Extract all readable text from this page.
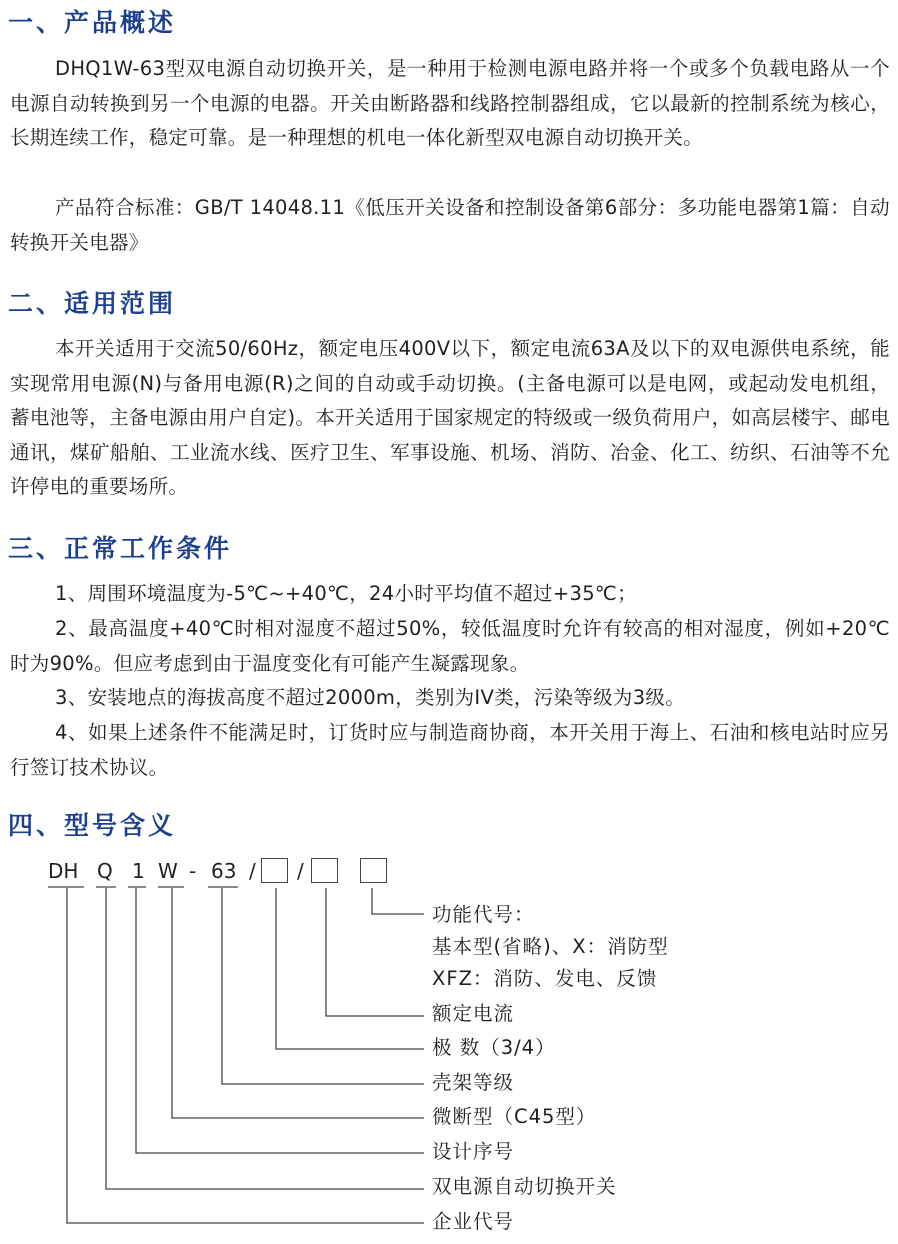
一、产品概述

DHQ1W-63型双电源自动切换开关，是一种用于检测电源电路并将一个或多个负载电路从一个电源自动转换到另一个电源的电器。开关由断路器和线路控制器组成，它以最新的控制系统为核心，长期连续工作，稳定可靠。是一种理想的机电一体化新型双电源自动切换开关。

产品符合标准：GB/T 14048.11《低压开关设备和控制设备第6部分：多功能电器第1篇：自动转换开关电器》

二、适用范围

本开关适用于交流50/60Hz，额定电压400V以下，额定电流63A及以下的双电源供电系统，能实现常用电源(N)与备用电源(R)之间的自动或手动切换。(主备电源可以是电网，或起动发电机组，蓄电池等，主备电源由用户自定)。本开关适用于国家规定的特级或一级负荷用户，如高层楼宇、邮电通讯，煤矿船舶、工业流水线、医疗卫生、军事设施、机场、消防、冶金、化工、纺织、石油等不允许停电的重要场所。

三、正常工作条件

1、周围环境温度为-5℃~+40℃，24小时平均值不超过+35℃；

2、最高温度+40℃时相对湿度不超过50%，较低温度时允许有较高的相对湿度，例如+20℃时为90%。但应考虑到由于温度变化有可能产生凝露现象。

3、安装地点的海拔高度不超过2000m，类别为IV类，污染等级为3级。

4、如果上述条件不能满足时，订货时应与制造商协商，本开关用于海上、石油和核电站时应另行签订技术协议。

四、型号含义
DH Q 1 W - 63 / /
功能代号：
基本型(省略)、X：消防型
XFZ：消防、发电、反馈
额定电流
极 数（3/4）
壳架等级
微断型（C45型）
设计序号
双电源自动切换开关
企业代号
